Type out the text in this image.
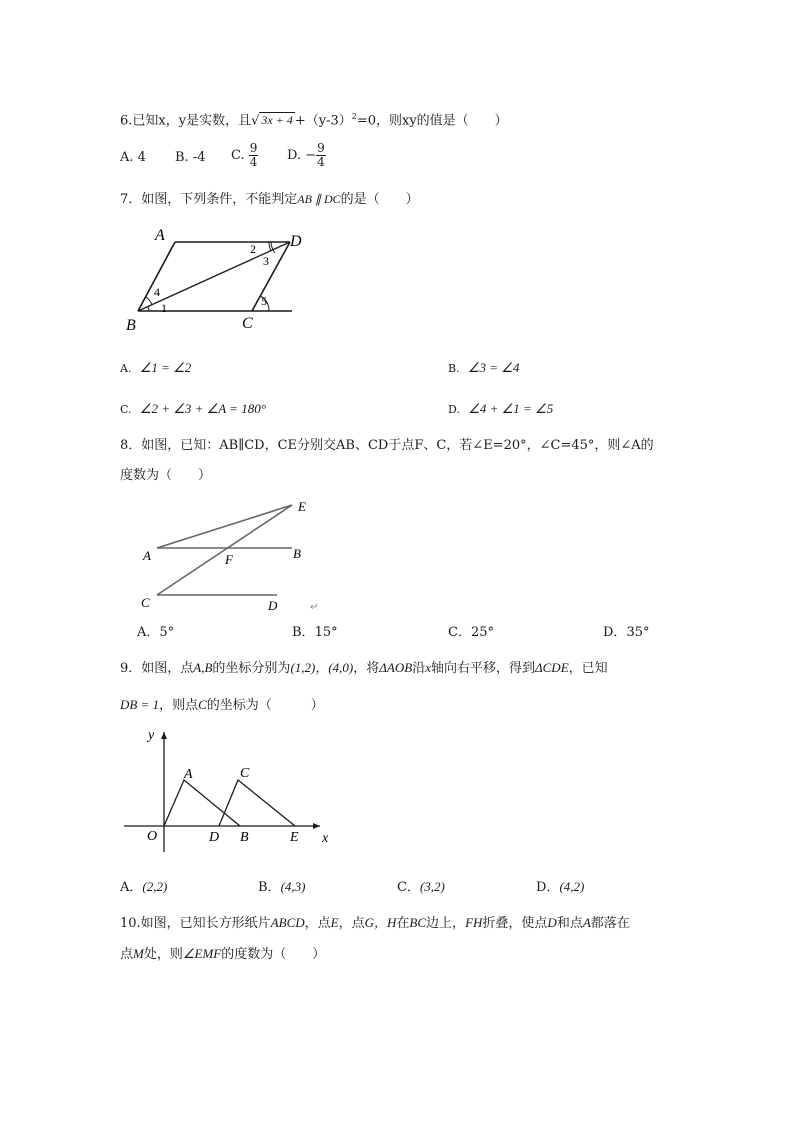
6.已知x，y是实数，且√ $3x + 4 +(y-3)^2=0$，则xy的值是（　　）
A. 4 B. -4 C. $\frac{9}{4} D$. − $\frac{9}{4}$
7．如图，下列条件，不能判定AB ∥ DC的是（　　）
A	D
B	C
2
3
4
1	5
A. ∠1 = ∠2	B. ∠3 = ∠4
C. ∠2 + ∠3 + ∠A = 180°	D. ∠4 + ∠1 = ∠5
8．如图，已知：AB∥CD，CE分别交AB、CD于点F、C，若∠E=20°，∠C=45°，则∠A的
度数为（　　）
A	B
F
E
C	D	↵
A．5°	B．15°	C．25°	D．35°
9．如图，点A,B的坐标分别为(1,2)，(4,0)，将ΔAOB沿x轴向右平移，得到ΔCDE，已知
DB = 1，则点C的坐标为（　　　）
y
x
O
A	C
D B	E
A．(2,2)	B．(4,3)	C．(3,2)	D．(4,2)
10.如图，已知长方形纸片ABCD，点E，点G，H在BC边上，FH折叠，使点D和点A都落在
点M处，则∠EMF的度数为（　　）
